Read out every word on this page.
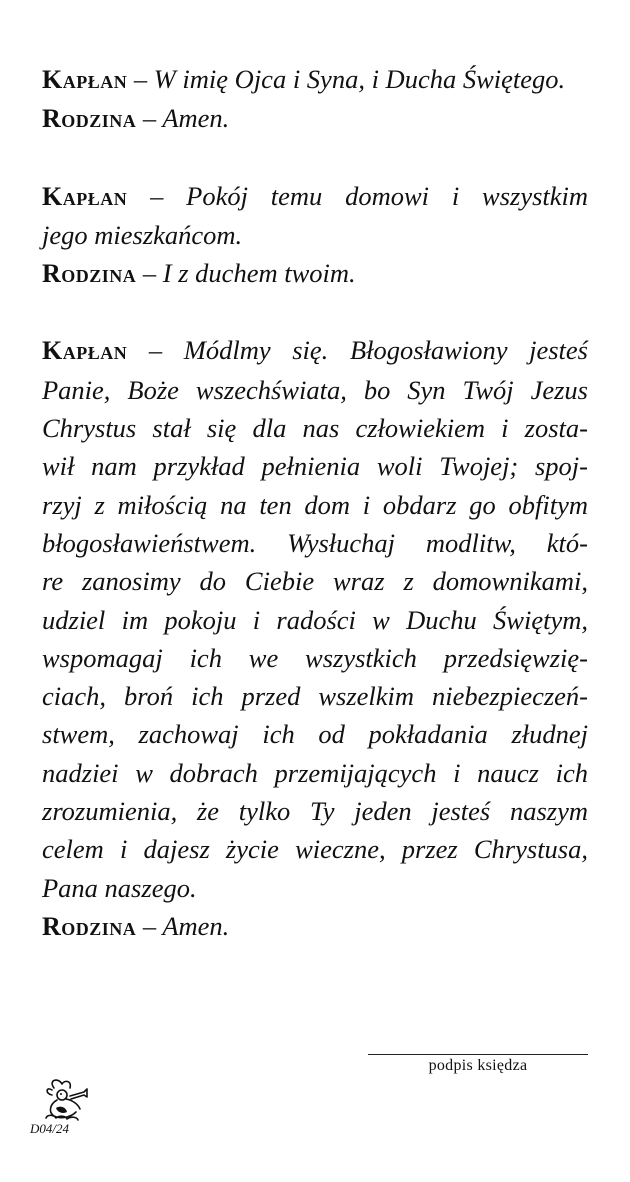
Kapłan – W imię Ojca i Syna, i Ducha Świętego.
Rodzina – Amen.
Kapłan – Pokój temu domowi i wszystkim
jego mieszkańcom.
Rodzina – I z duchem twoim.
Kapłan – Módlmy się. Błogosławiony jesteś
Panie, Boże wszechświata, bo Syn Twój Jezus
Chrystus stał się dla nas człowiekiem i zosta-
wił nam przykład pełnienia woli Twojej; spoj-
rzyj z miłością na ten dom i obdarz go obfitym
błogosławieństwem. Wysłuchaj modlitw, któ-
re zanosimy do Ciebie wraz z domownikami,
udziel im pokoju i radości w Duchu Świętym,
wspomagaj ich we wszystkich przedsięwzię-
ciach, broń ich przed wszelkim niebezpieczeń-
stwem, zachowaj ich od pokładania złudnej
nadziei w dobrach przemijających i naucz ich
zrozumienia, że tylko Ty jeden jesteś naszym
celem i dajesz życie wieczne, przez Chrystusa,
Pana naszego.
Rodzina – Amen.
podpis księdza
D04/24
